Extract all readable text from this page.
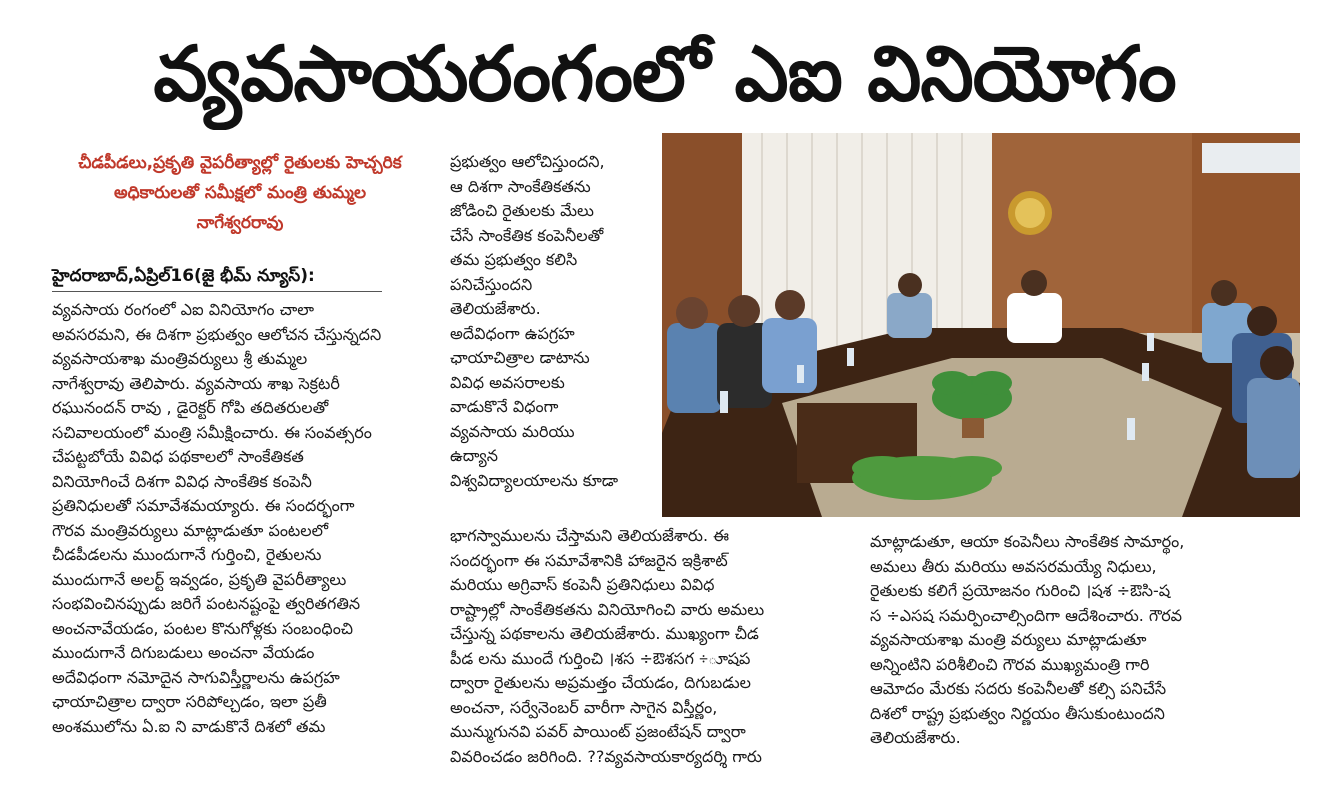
వ్యవసాయరంగంలో ఎఐ వినియోగం
చీడపీడలు,ప్రకృతి వైపరీత్యాల్లో రైతులకు హెచ్చరిక
అధికారులతో సమీక్షలో మంత్రి తుమ్మల
నాగేశ్వరరావు
హైదరాబాద్,ఏప్రిల్16(జై భీమ్ న్యూస్):

వ్యవసాయ రంగంలో ఎఐ వినియోగం చాలా

అవసరమని, ఈ దిశగా ప్రభుత్వం ఆలోచన చేస్తున్నదని

వ్యవసాయశాఖ మంత్రివర్యులు శ్రీ తుమ్మల

నాగేశ్వరావు తెలిపారు. వ్యవసాయ శాఖ సెక్రటరీ

రఘునందన్ రావు , డైరెక్టర్ గోపి తదితరులతో

సచివాలయంలో మంత్రి సమీక్షించారు. ఈ సంవత్సరం

చేపట్టబోయే వివిధ పథకాలలో సాంకేతికత

వినియోగించే దిశగా వివిధ సాంకేతిక కంపెనీ

ప్రతినిధులతో సమావేశమయ్యారు. ఈ సందర్భంగా

గౌరవ మంత్రివర్యులు మాట్లాడుతూ పంటలలో

చీడపీడలను ముందుగానే గుర్తించి, రైతులను

ముందుగానే అలర్ట్ ఇవ్వడం, ప్రకృతి వైపరీత్యాలు

సంభవించినప్పుడు జరిగే పంటనష్టంపై త్వరితగతిన

అంచనావేయడం, పంటల కొనుగోళ్లకు సంబంధించి

ముందుగానే దిగుబడులు అంచనా వేయడం

అదేవిధంగా నమోదైన సాగువిస్తీర్ణాలను ఉపగ్రహ

ఛాయాచిత్రాల ద్వారా సరిపోల్చడం, ఇలా ప్రతీ

అంశములోను ఏ.ఐ ని వాడుకొనే దిశలో తమ

ప్రభుత్వం ఆలోచిస్తుందని,

ఆ దిశగా సాంకేతికతను

జోడించి రైతులకు మేలు

చేసే సాంకేతిక కంపెనీలతో

తమ ప్రభుత్వం కలిసి

పనిచేస్తుందని

తెలియజేశారు.

అదేవిధంగా ఉపగ్రహ

ఛాయాచిత్రాల డాటాను

వివిధ అవసరాలకు

వాడుకొనే విధంగా

వ్యవసాయ మరియు

ఉద్యాన

విశ్వవిద్యాలయాలను కూడా

భాగస్వాములను చేస్తామని తెలియజేశారు. ఈ

సందర్భంగా ఈ సమావేశానికి హాజరైన ఇక్రిశాట్

మరియు అగ్రివాస్ కంపెనీ ప్రతినిధులు వివిధ

రాష్ట్రాల్లో సాంకేతికతను వినియోగించి వారు అమలు

చేస్తున్న పథకాలను తెలియజేశారు. ముఖ్యంగా చీడ

పీడ లను ముందే గుర్తించి ।శస ÷ఔశసగ ÷ూషప

ద్వారా రైతులను అప్రమత్తం చేయడం, దిగుబడుల

అంచనా, సర్వేనెంబర్ వారీగా సాగైన విస్తీర్ణం,

మున్ముగునవి పవర్ పాయింట్ ప్రజంటేషన్ ద్వారా

వివరించడం జరిగింది. ??వ్యవసాయకార్యదర్శి గారు

మాట్లాడుతూ, ఆయా కంపెనీలు సాంకేతిక సామార్థం,

అమలు తీరు మరియు అవసరమయ్యే నిధులు,

రైతులకు కలిగే ప్రయోజనం గురించి ।షశ ÷ఔసి-ష

స ÷ఎసష సమర్పించాల్సిందిగా ఆదేశించారు. గౌరవ

వ్యవసాయశాఖ మంత్రి వర్యులు మాట్లాడుతూ

అన్నింటిని పరిశీలించి గౌరవ ముఖ్యమంత్రి గారి

ఆమోదం మేరకు సదరు కంపెనీలతో కల్సి పనిచేసే

దిశలో రాష్ట్ర ప్రభుత్వం నిర్ణయం తీసుకుంటుందని

తెలియజేశారు.
